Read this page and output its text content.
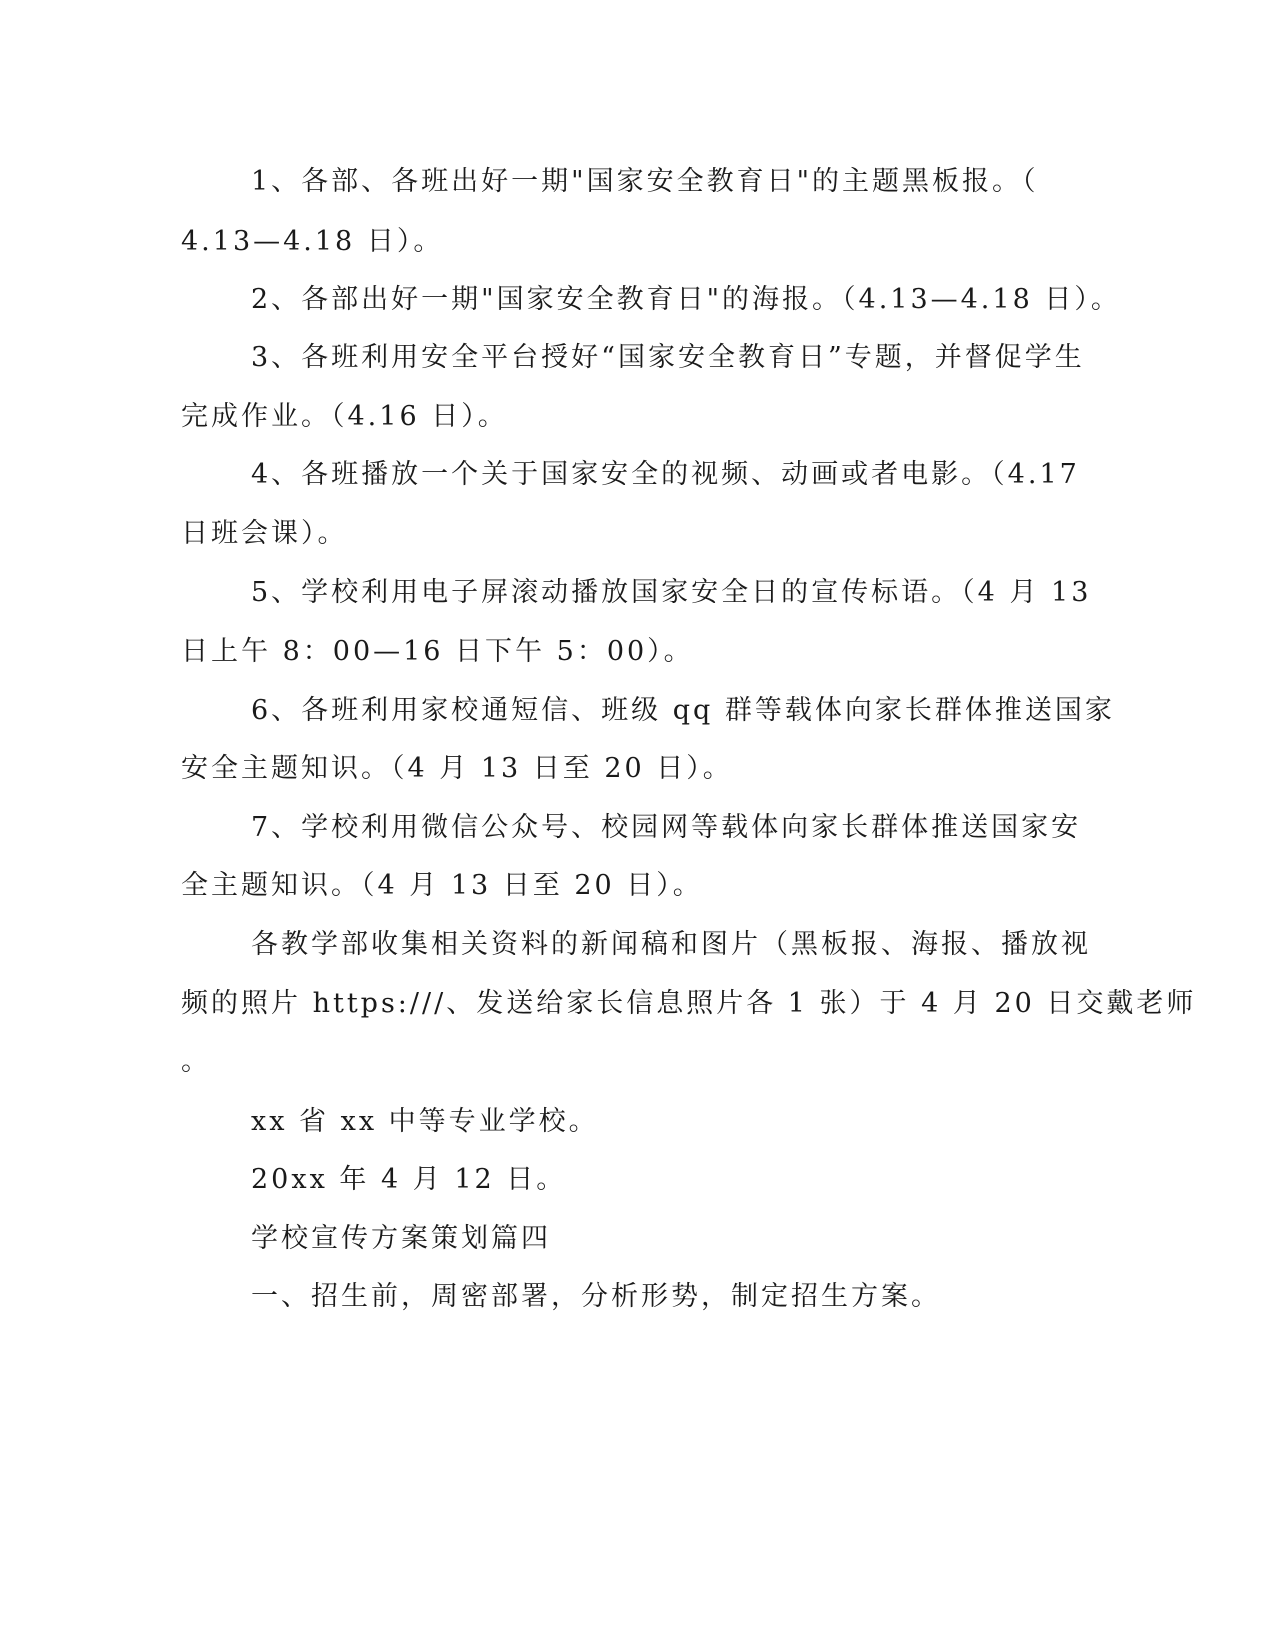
1、各部、各班出好一期"国家安全教育日"的主题黑板报。（
4.13—4.18 日）。
2、各部出好一期"国家安全教育日"的海报。（4.13—4.18 日）。
3、各班利用安全平台授好“国家安全教育日”专题，并督促学生
完成作业。（4.16 日）。
4、各班播放一个关于国家安全的视频、动画或者电影。（4.17
日班会课）。
5、学校利用电子屏滚动播放国家安全日的宣传标语。（4 月 13
日上午 8：00—16 日下午 5：00）。
6、各班利用家校通短信、班级 qq 群等载体向家长群体推送国家
安全主题知识。（4 月 13 日至 20 日）。
7、学校利用微信公众号、校园网等载体向家长群体推送国家安
全主题知识。（4 月 13 日至 20 日）。
各教学部收集相关资料的新闻稿和图片（黑板报、海报、播放视
频的照片 https:///、发送给家长信息照片各 1 张）于 4 月 20 日交戴老师
。
xx 省 xx 中等专业学校。
20xx 年 4 月 12 日。
学校宣传方案策划篇四
一、招生前，周密部署，分析形势，制定招生方案。
